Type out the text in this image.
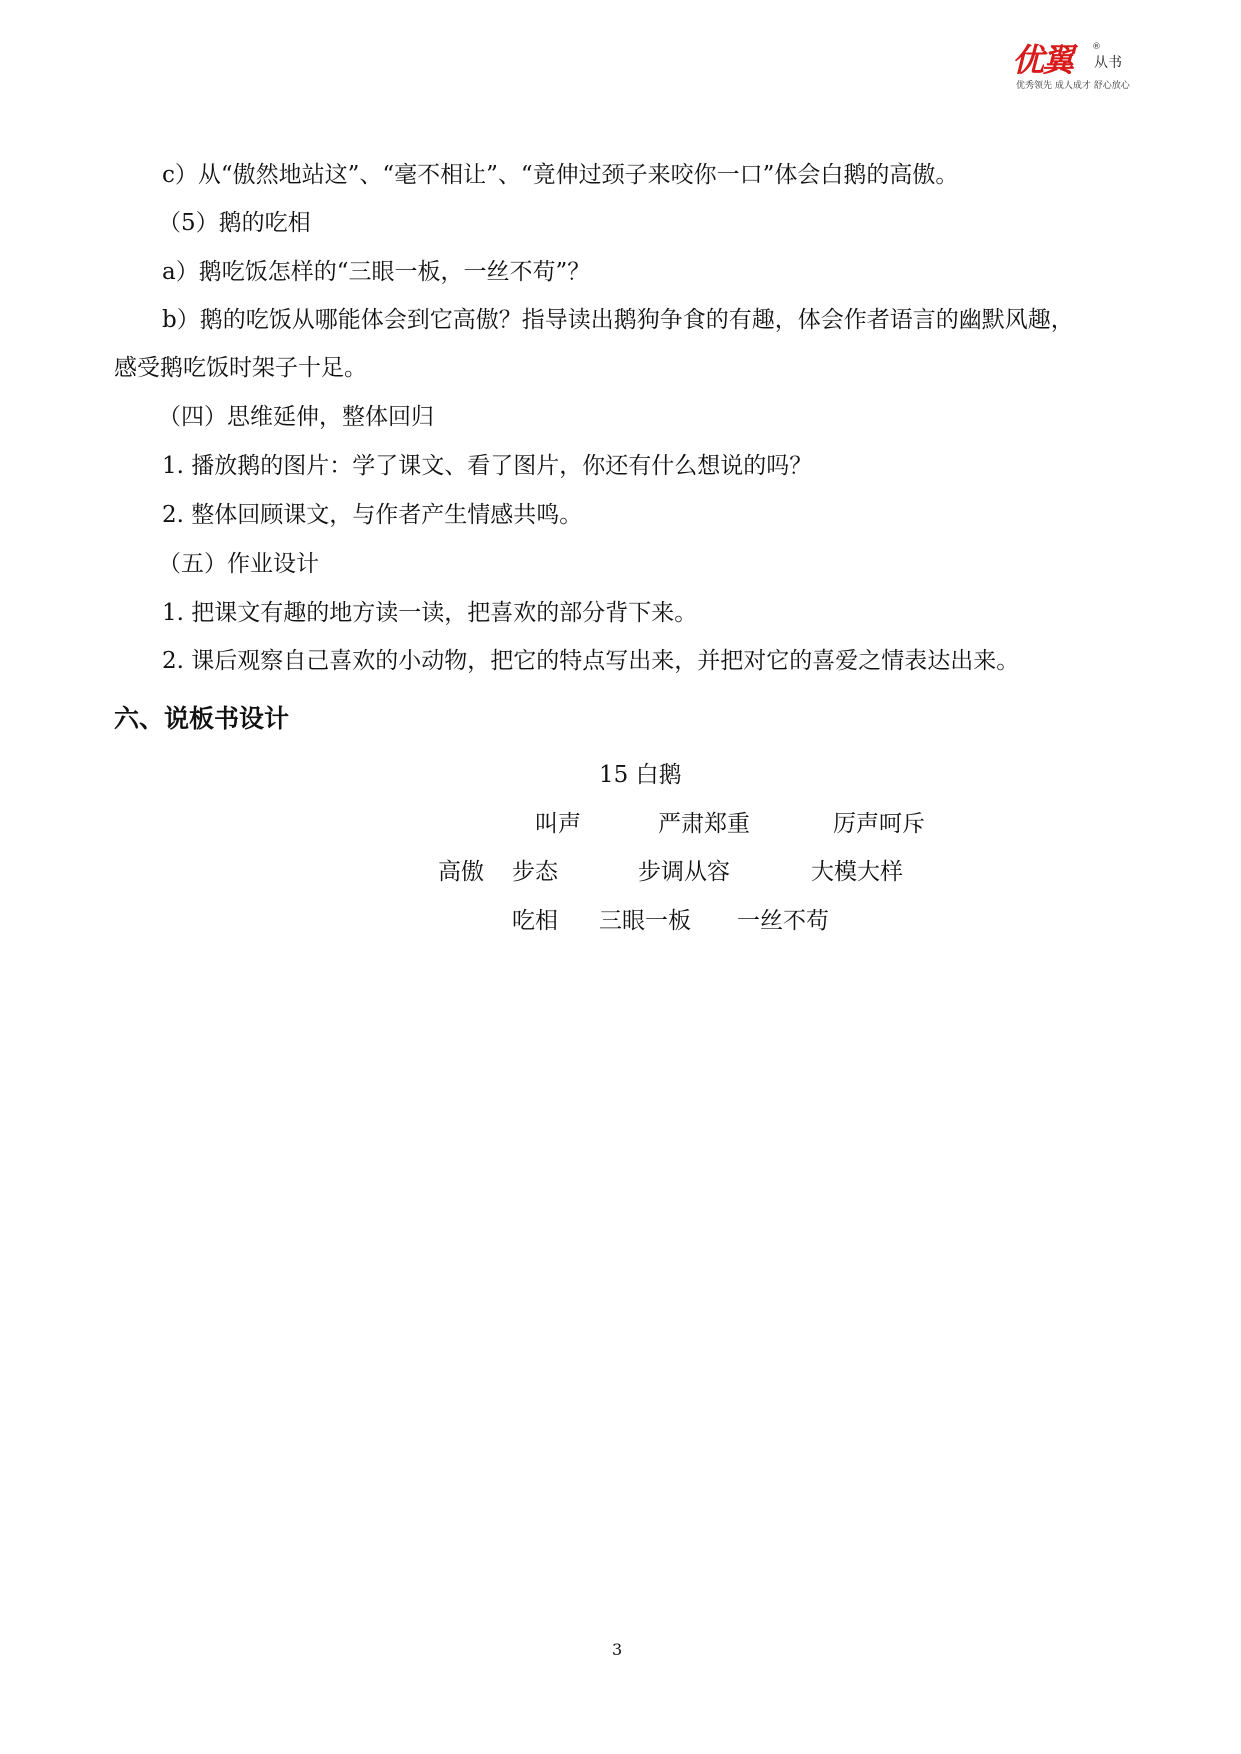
优翼 ®
从书
优秀领先 成人成才 舒心放心
c）从“傲然地站这”、“毫不相让”、“竟伸过颈子来咬你一口”体会白鹅的高傲。
（5）鹅的吃相
a）鹅吃饭怎样的“三眼一板，一丝不苟”？
b）鹅的吃饭从哪能体会到它高傲？指导读出鹅狗争食的有趣，体会作者语言的幽默风趣，
感受鹅吃饭时架子十足。
（四）思维延伸，整体回归
1. 播放鹅的图片：学了课文、看了图片，你还有什么想说的吗？
2. 整体回顾课文，与作者产生情感共鸣。
（五）作业设计
1. 把课文有趣的地方读一读，把喜欢的部分背下来。
2. 课后观察自己喜欢的小动物，把它的特点写出来，并把对它的喜爱之情表达出来。
六、说板书设计
15 白鹅
叫声	严肃郑重	厉声呵斥
高傲 步态	步调从容	大模大样
吃相 三眼一板 一丝不苟
3
